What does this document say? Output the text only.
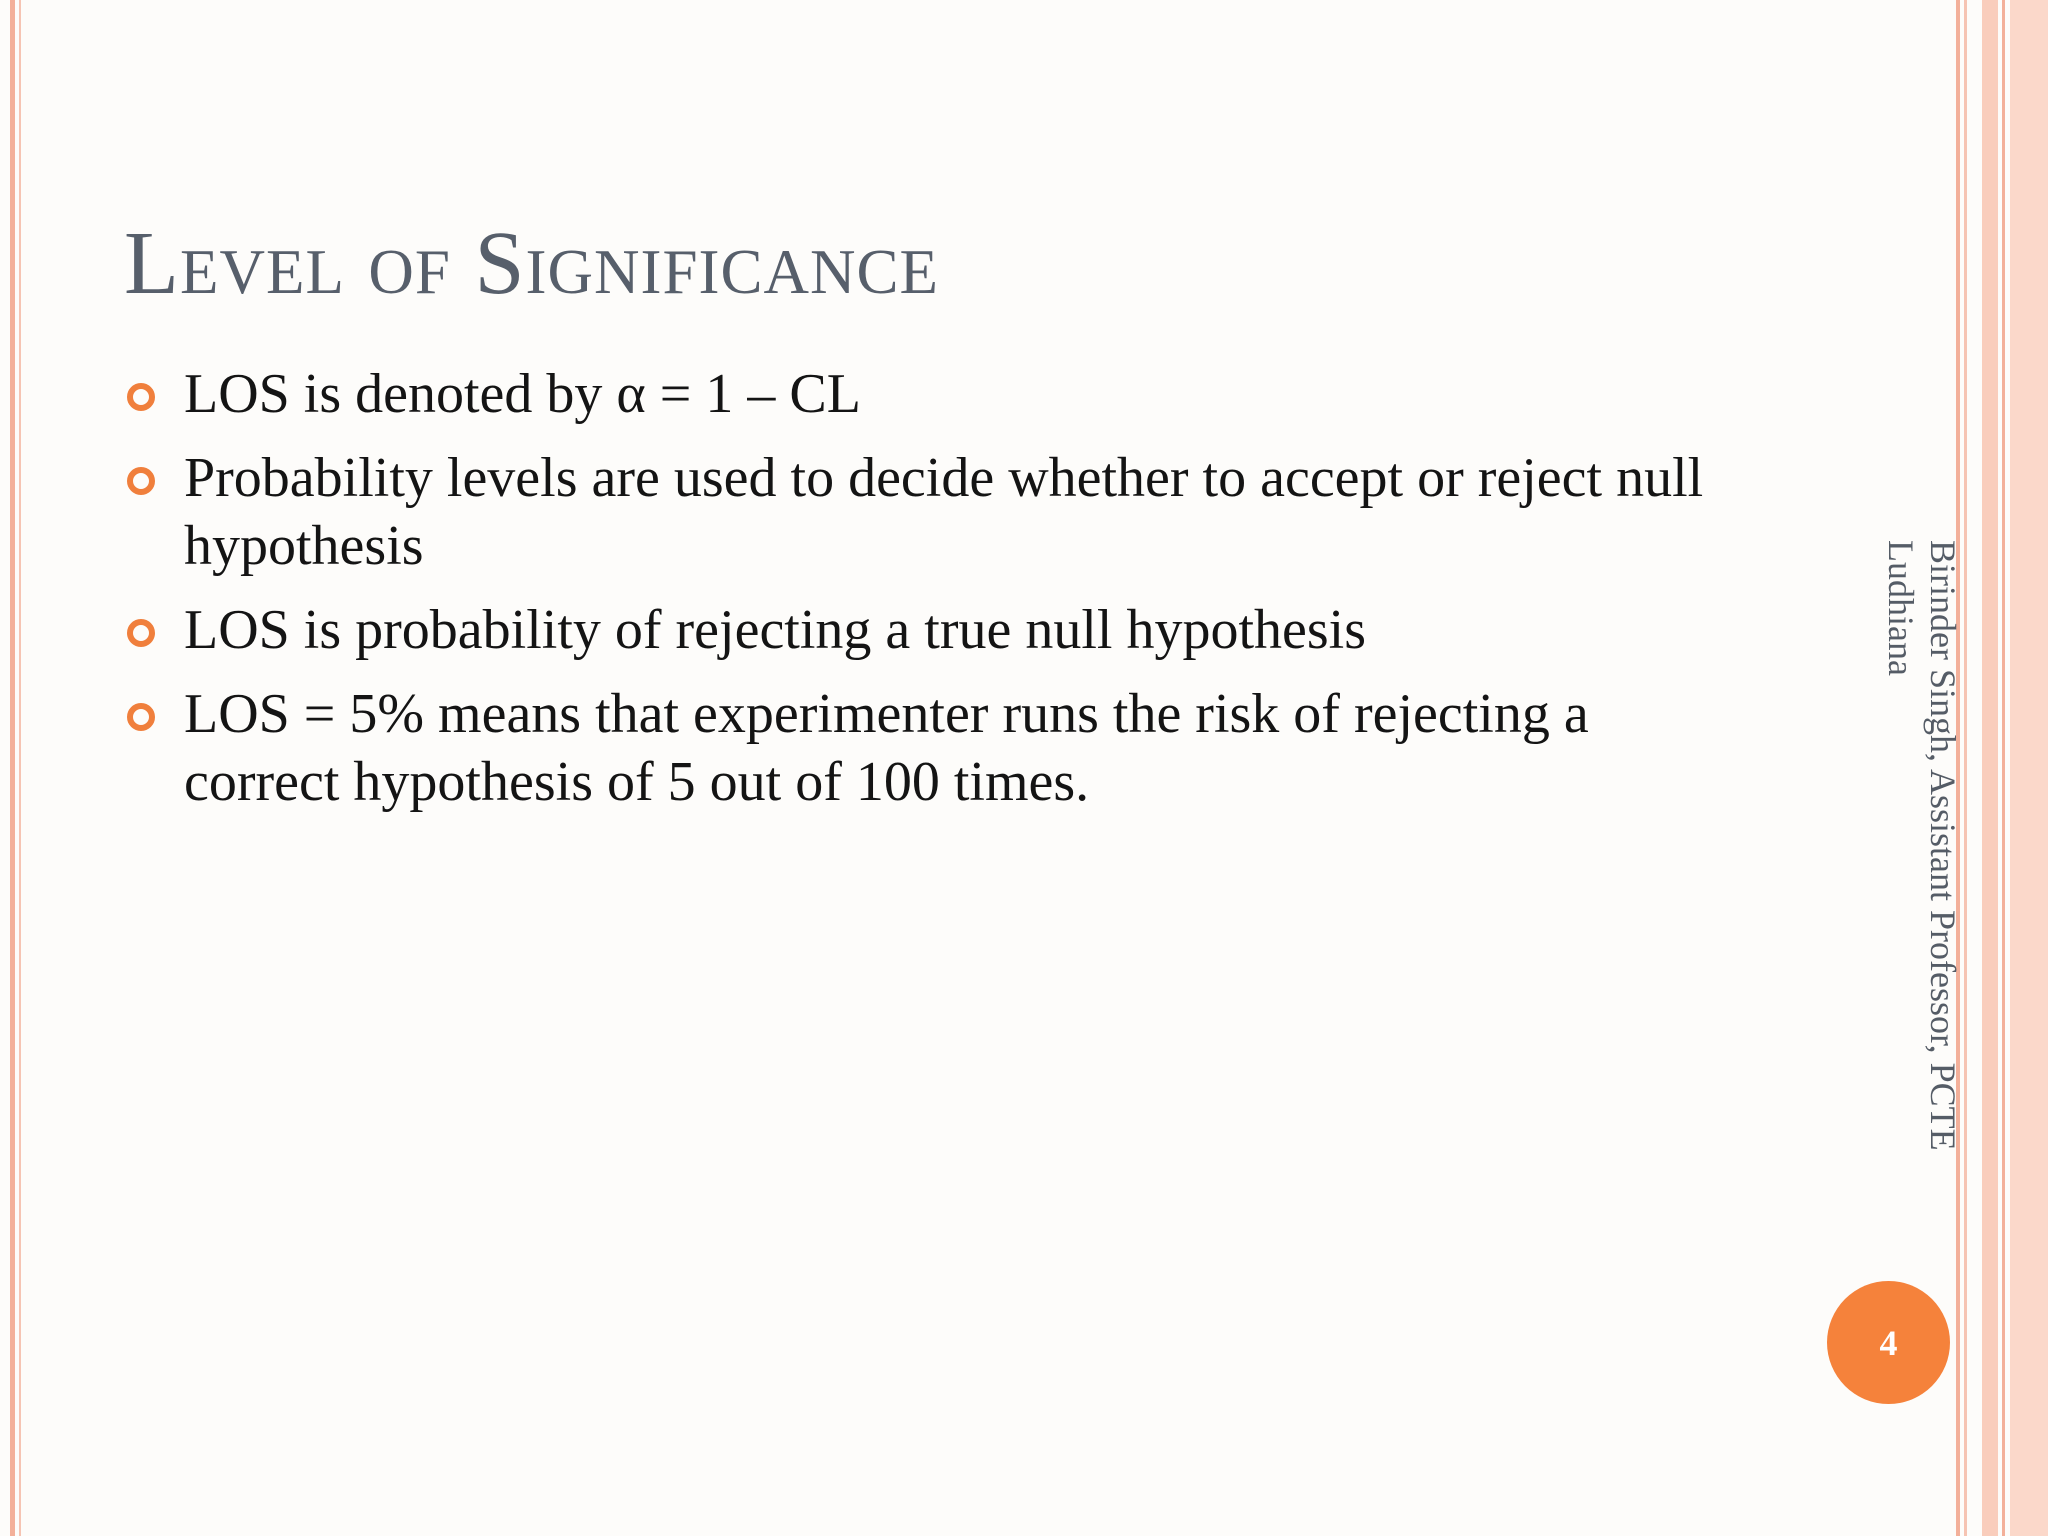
Level of Significance
LOS is denoted by α = 1 – CL
Probability levels are used to decide whether to accept or reject null hypothesis
LOS is probability of rejecting a true null hypothesis
LOS = 5% means that experimenter runs the risk of rejecting a correct hypothesis of 5 out of 100 times.	Birinder Singh, Assistant Professor, PCTE
Ludhiana
4
